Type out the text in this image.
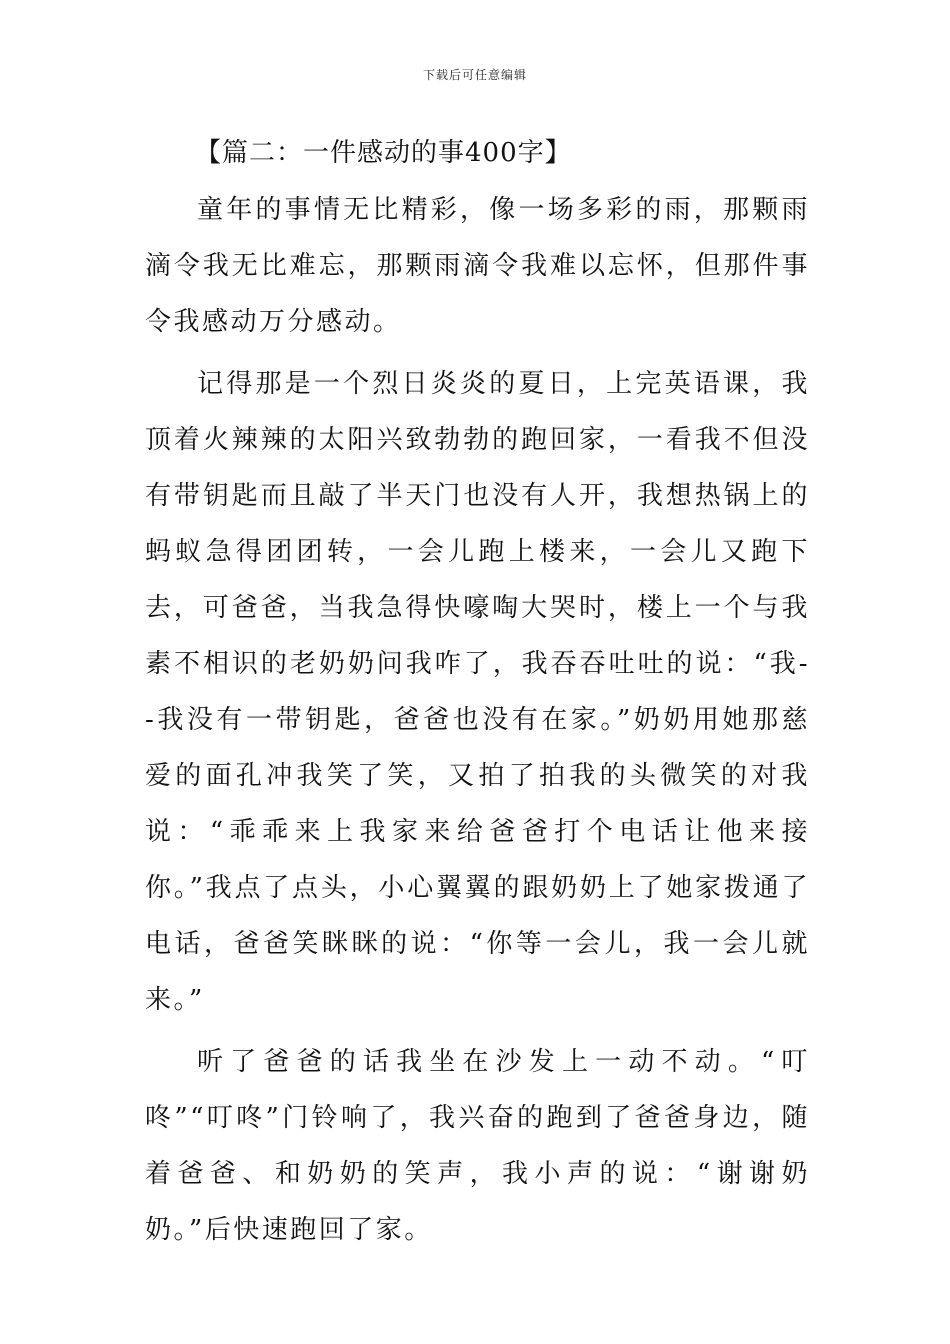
下载后可任意编辑
【篇二：一件感动的事400字】

童年的事情无比精彩，像一场多彩的雨，那颗雨滴令我无比难忘，那颗雨滴令我难以忘怀，但那件事令我感动万分感动。

记得那是一个烈日炎炎的夏日，上完英语课，我顶着火辣辣的太阳兴致勃勃的跑回家，一看我不但没有带钥匙而且敲了半天门也没有人开，我想热锅上的蚂蚁急得团团转，一会儿跑上楼来，一会儿又跑下去，可爸爸，当我急得快嚎啕大哭时，楼上一个与我素不相识的老奶奶问我咋了，我吞吞吐吐的说：“我--我没有一带钥匙，爸爸也没有在家。”奶奶用她那慈爱的面孔冲我笑了笑，又拍了拍我的头微笑的对我说：“乖乖来上我家来给爸爸打个电话让他来接你。”我点了点头，小心翼翼的跟奶奶上了她家拨通了电话，爸爸笑眯眯的说：“你等一会儿，我一会儿就来。”

听了爸爸的话我坐在沙发上一动不动。“叮咚”“叮咚”门铃响了，我兴奋的跑到了爸爸身边，随着爸爸、和奶奶的笑声，我小声的说：“谢谢奶奶。”后快速跑回了家。
